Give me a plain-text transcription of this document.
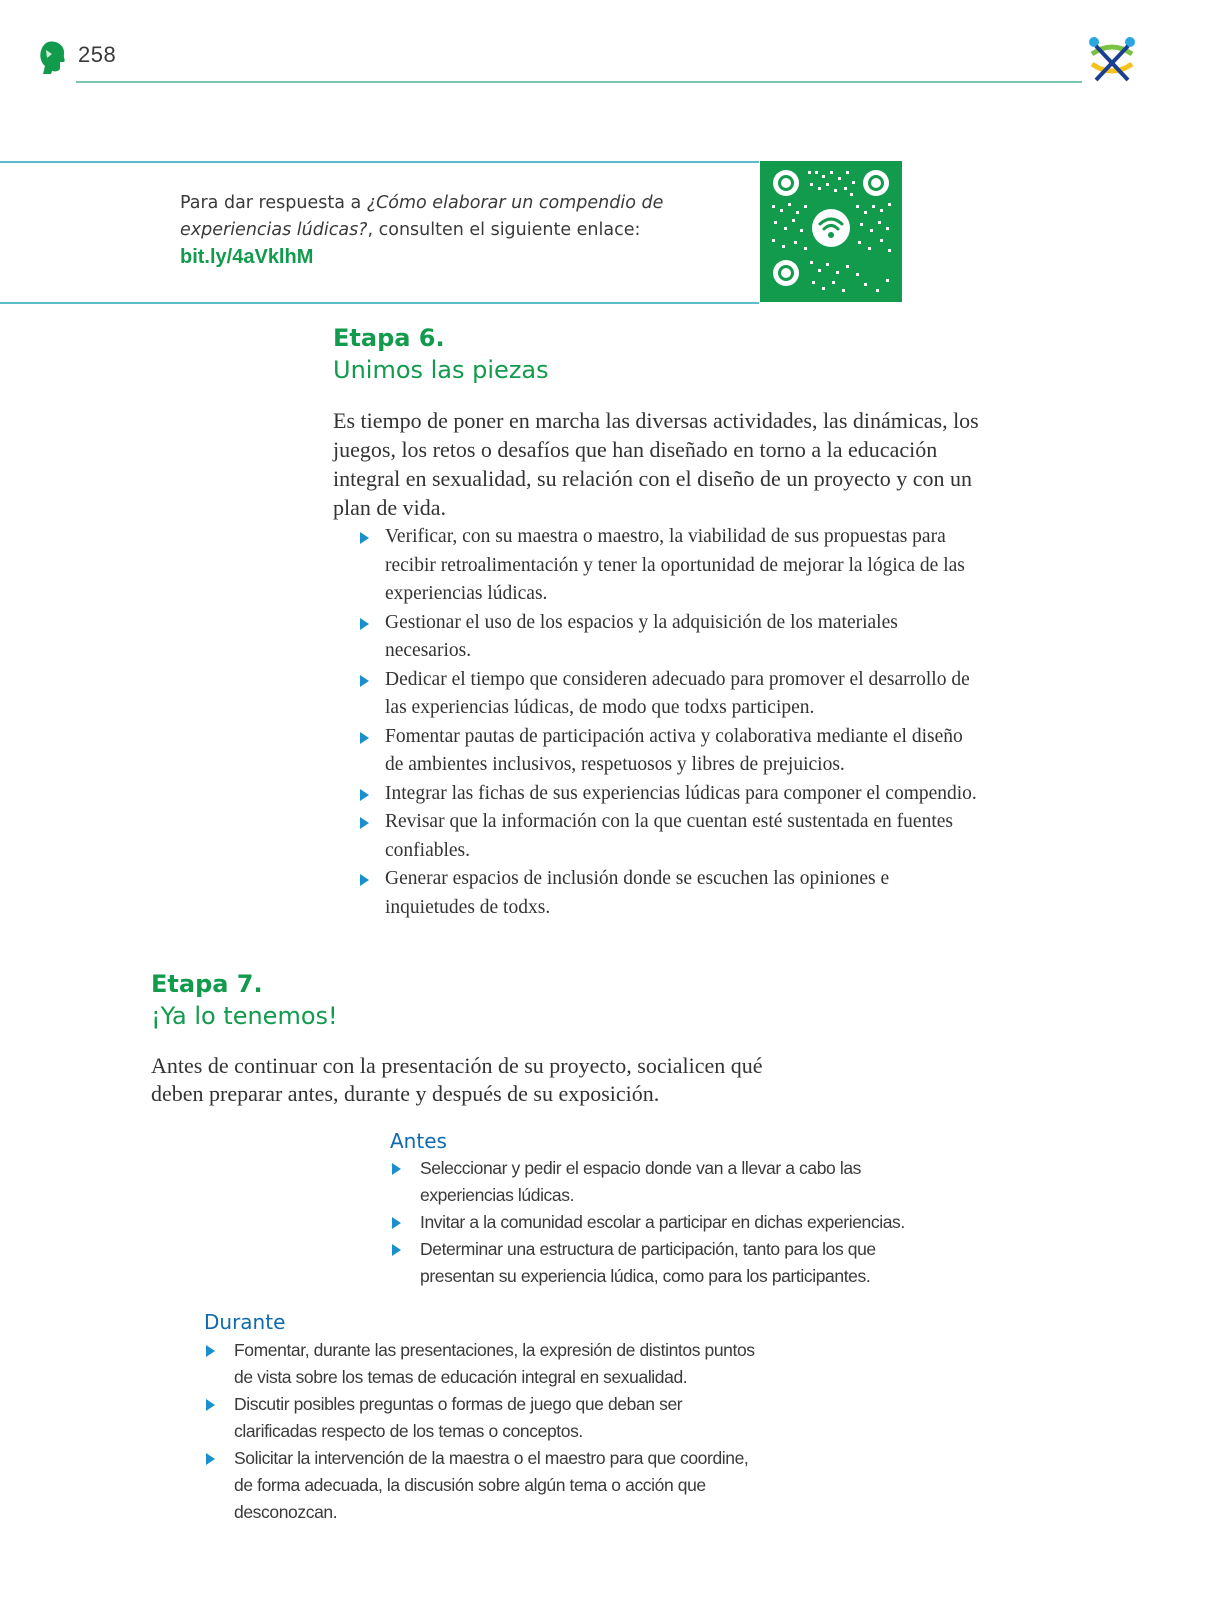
258
Para dar respuesta a ¿Cómo elaborar un compendio de experiencias lúdicas?, consulten el siguiente enlace:
bit.ly/4aVklhM
Etapa 6.
Unimos las piezas
Es tiempo de poner en marcha las diversas actividades, las dinámicas, los juegos, los retos o desafíos que han diseñado en torno a la educación integral en sexualidad, su relación con el diseño de un proyecto y con un plan de vida.
Verificar, con su maestra o maestro, la viabilidad de sus propuestas para recibir retroalimentación y tener la oportunidad de mejorar la lógica de las experiencias lúdicas.
Gestionar el uso de los espacios y la adquisición de los materiales necesarios.
Dedicar el tiempo que consideren adecuado para promover el desarrollo de las experiencias lúdicas, de modo que todxs participen.
Fomentar pautas de participación activa y colaborativa mediante el diseño de ambientes inclusivos, respetuosos y libres de prejuicios.
Integrar las fichas de sus experiencias lúdicas para componer el compendio.
Revisar que la información con la que cuentan esté sustentada en fuentes confiables.
Generar espacios de inclusión donde se escuchen las opiniones e inquietudes de todxs.
Etapa 7.
¡Ya lo tenemos!
Antes de continuar con la presentación de su proyecto, socialicen qué deben preparar antes, durante y después de su exposición.
Antes
Seleccionar y pedir el espacio donde van a llevar a cabo las experiencias lúdicas.
Invitar a la comunidad escolar a participar en dichas experiencias.
Determinar una estructura de participación, tanto para los que presentan su experiencia lúdica, como para los participantes.
Durante
Fomentar, durante las presentaciones, la expresión de distintos puntos de vista sobre los temas de educación integral en sexualidad.
Discutir posibles preguntas o formas de juego que deban ser clarificadas respecto de los temas o conceptos.
Solicitar la intervención de la maestra o el maestro para que coordine, de forma adecuada, la discusión sobre algún tema o acción que desconozcan.
